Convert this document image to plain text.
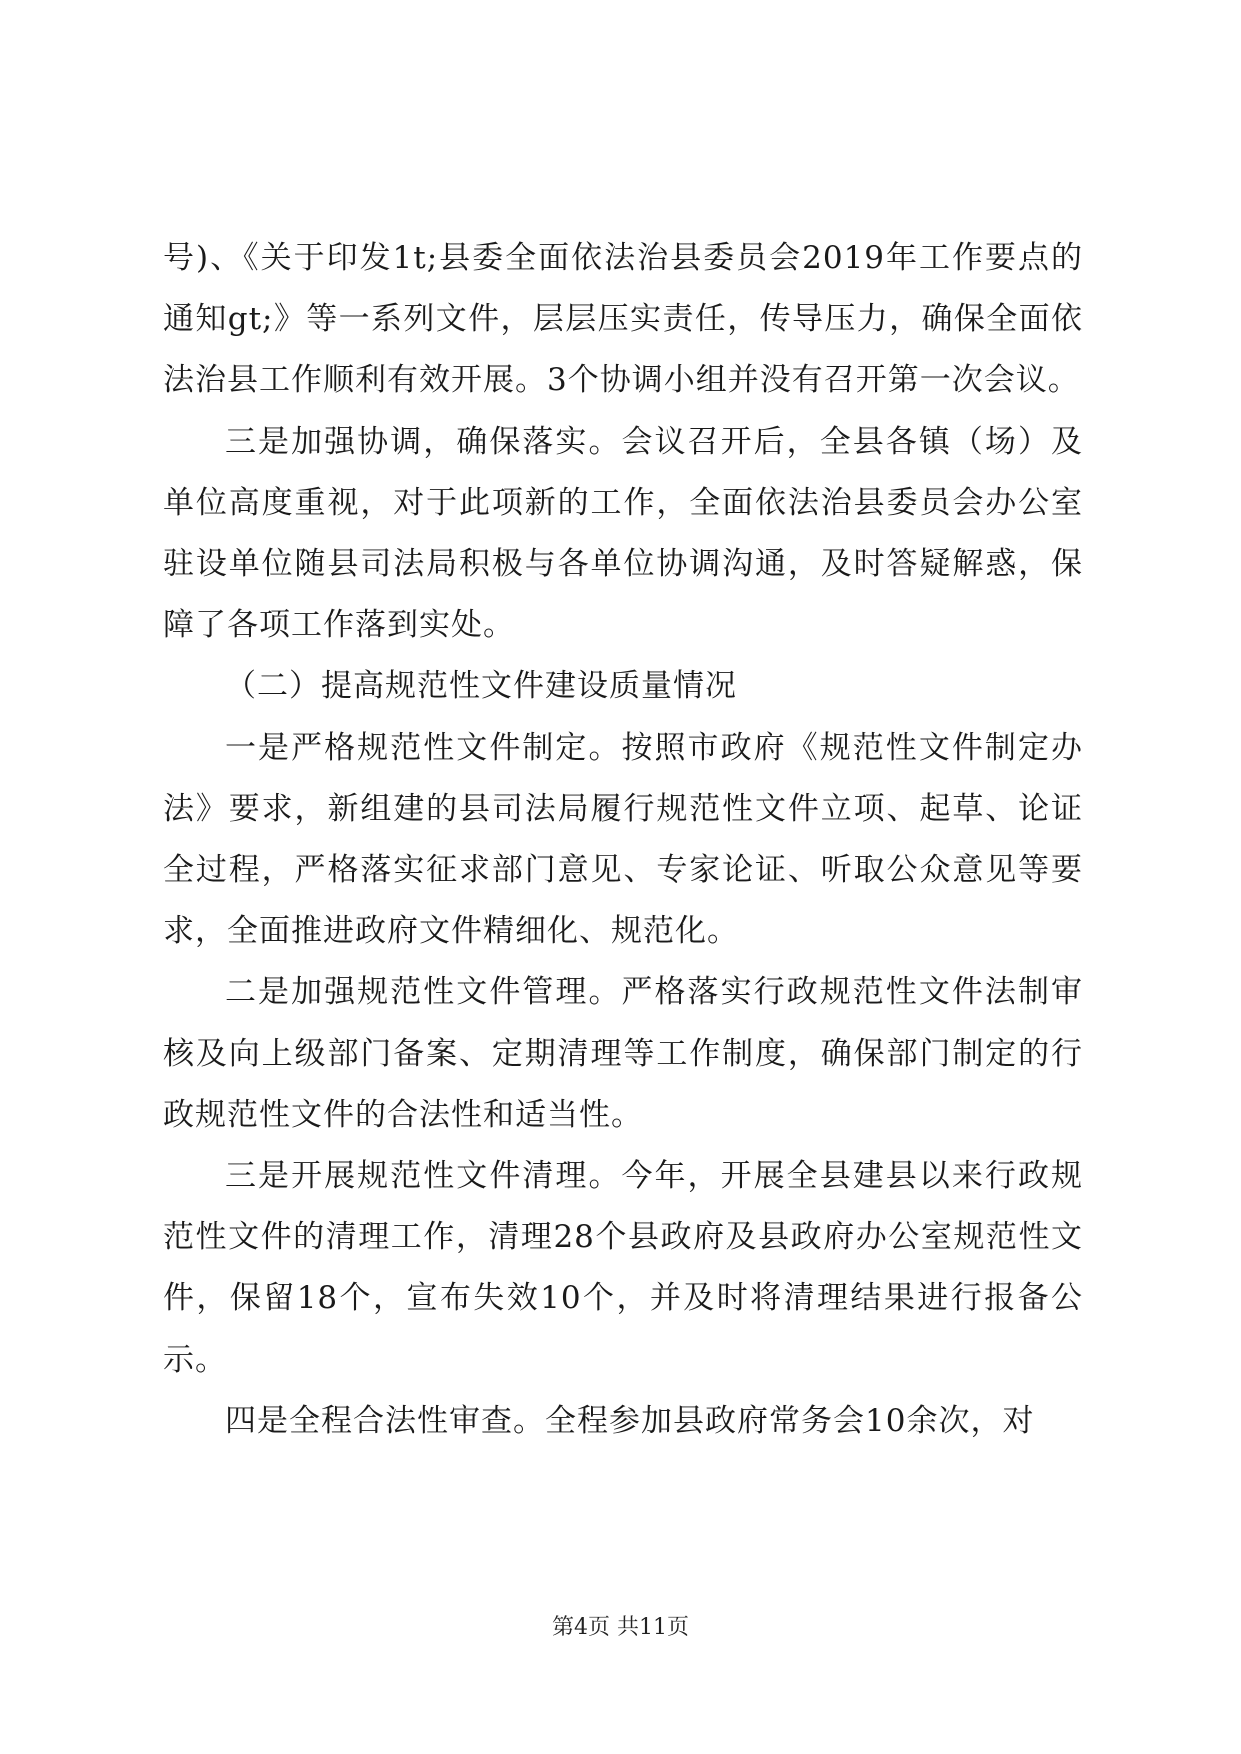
号)、《关于印发1t;县委全面依法治县委员会2019年工作要点的通知gt;》等一系列文件，层层压实责任，传导压力，确保全面依法治县工作顺利有效开展。3个协调小组并没有召开第一次会议。

三是加强协调，确保落实。会议召开后，全县各镇（场）及单位高度重视，对于此项新的工作，全面依法治县委员会办公室驻设单位随县司法局积极与各单位协调沟通，及时答疑解惑，保障了各项工作落到实处。

（二）提高规范性文件建设质量情况

一是严格规范性文件制定。按照市政府《规范性文件制定办法》要求，新组建的县司法局履行规范性文件立项、起草、论证全过程，严格落实征求部门意见、专家论证、听取公众意见等要求，全面推进政府文件精细化、规范化。

二是加强规范性文件管理。严格落实行政规范性文件法制审核及向上级部门备案、定期清理等工作制度，确保部门制定的行政规范性文件的合法性和适当性。

三是开展规范性文件清理。今年，开展全县建县以来行政规范性文件的清理工作，清理28个县政府及县政府办公室规范性文件，保留18个，宣布失效10个，并及时将清理结果进行报备公示。

四是全程合法性审查。全程参加县政府常务会10余次，对

第4页 共11页
